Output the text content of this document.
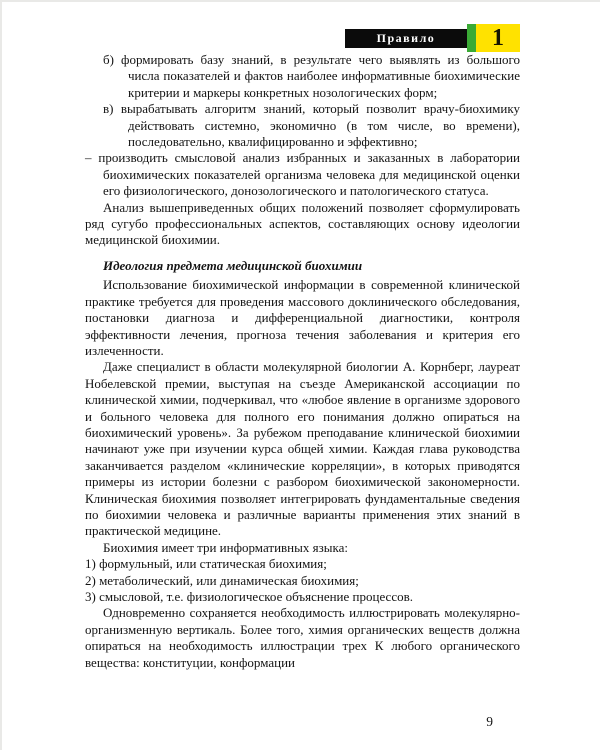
Правило	1

б) формировать базу знаний, в результате чего выявлять из большого числа показателей и фактов наиболее информативные биохимические критерии и маркеры конкретных нозологических форм;

в) вырабатывать алгоритм знаний, который позволит врачу-биохимику действовать системно, экономично (в том числе, во времени), последовательно, квалифицированно и эффективно;

– производить смысловой анализ избранных и заказанных в лаборатории биохимических показателей организма человека для медицинской оценки его физиологического, донозологического и патологического статуса.

Анализ вышеприведенных общих положений позволяет сформулировать ряд сугубо профессиональных аспектов, составляющих основу идеологии медицинской биохимии.

Идеология предмета медицинской биохимии

Использование биохимической информации в современной клинической практике требуется для проведения массового доклинического обследования, постановки диагноза и дифференциальной диагностики, контроля эффективности лечения, прогноза течения заболевания и критерия его излеченности.

Даже специалист в области молекулярной биологии А. Корнберг, лауреат Нобелевской премии, выступая на съезде Американской ассоциации по клинической химии, подчеркивал, что «любое явление в организме здорового и больного человека для полного его понимания должно опираться на биохимический уровень». За рубежом преподавание клинической биохимии начинают уже при изучении курса общей химии. Каждая глава руководства заканчивается разделом «клинические корреляции», в которых приводятся примеры из истории болезни с разбором биохимической закономерности. Клиническая биохимия позволяет интегрировать фундаментальные сведения по биохимии человека и различные варианты применения этих знаний в практической медицине.

Биохимия имеет три информативных языка:

1) формульный, или статическая биохимия;

2) метаболический, или динамическая биохимия;

3) смысловой, т.е. физиологическое объяснение процессов.

Одновременно сохраняется необходимость иллюстрировать молекулярно-организменную вертикаль. Более того, химия органических веществ должна опираться на необходимость иллюстрации трех К любого органического вещества: конституции, конформации

9
